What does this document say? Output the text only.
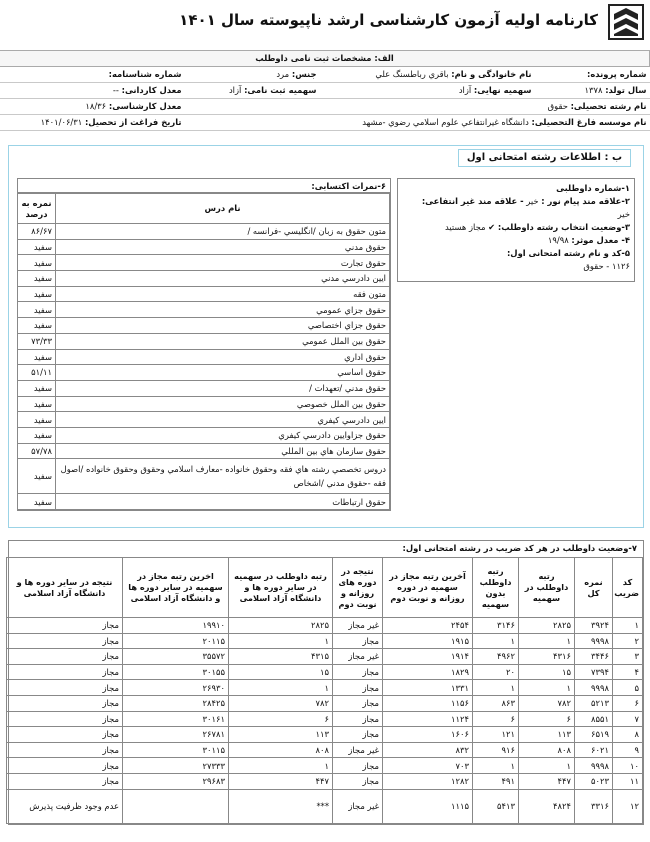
کارنامه اولیه آزمون کارشناسی ارشد ناپیوسته سال ۱۴۰۱
الف: مشخصات ثبت نامی داوطلب			
شماره پرونده:	نام خانوادگی و نام: باقري رباطسنگ علي	جنس: مرد	شماره شناسنامه:
سال تولد: ۱۳۷۸	سهمیه نهایی: آزاد	سهمیه ثبت نامی: آزاد	معدل کاردانی: --
نام رشته تحصیلی: حقوق			معدل کارشناسی: ۱۸/۳۶
نام موسسه فارغ التحصیلی: دانشگاه غيرانتفاعي علوم اسلامي رضوي -مشهد			تاریخ فراغت از تحصیل: ۱۴۰۱/۰۶/۳۱
ب : اطلاعات رشته امتحانی اول
۱-شماره داوطلبی
۲-علاقه مند پیام نور : خیر - علاقه مند غیر انتفاعی:
خیر
۳-وضعیت انتخاب رشته داوطلب: ✔ مجاز هستید
۴- معدل موثر: ۱۹/۹۸
۵-کد و نام رشته امتحانی اول:
۱۱۲۶ - حقوق
۶-نمرات اکتسابی:
نام درس	نمره به درصد
متون حقوق به زبان /انگلیسي -فرانسه /	۸۶/۶۷
حقوق مدني	سفید
حقوق تجارت	سفید
ايين دادرسي مدني	سفید
متون فقه	سفید
حقوق جزاي عمومي	سفید
حقوق جزاي اختصاصي	سفید
حقوق بين الملل عمومي	۷۳/۳۳
حقوق اداري	سفید
حقوق اساسي	۵۱/۱۱
حقوق مدني /تعهدات /	سفید
حقوق بين الملل خصوصي	سفید
ايين دادرسي كيفري	سفید
حقوق جزاوايين دادرسي كيفري	سفید
حقوق سازمان هاي بين المللي	۵۷/۷۸
دروس تخصصي رشته هاي فقه وحقوق خانواده -معارف اسلامي وحقوق وحقوق خانواده /اصول فقه -حقوق مدني /اشخاص	سفید
حقوق ارتباطات	سفید
۷-وضعیت داوطلب در هر کد ضریب در رشته امتحانی اول:
کد ضریب	نمره کل	رتبه داوطلب در سهمیه	رتبه داوطلب بدون سهمیه	آخرین رتبه مجاز در سهمیه در دوره روزانه و نوبت دوم	نتیجه در دوره های روزانه و نوبت دوم	رتبه داوطلب در سهمیه در سایر دوره ها و دانشگاه آزاد اسلامی	اخرین رتبه مجاز در سهمیه در سایر دوره ها و دانشگاه آزاد اسلامی	نتیجه در سایر دوره ها و دانشگاه آزاد اسلامی
۱	۳۹۲۴	۲۸۲۵	۳۱۴۶	۲۴۵۴	غیر مجاز	۲۸۲۵	۱۹۹۱۰	مجاز
۲	۹۹۹۸	۱	۱	۱۹۱۵	مجاز	۱	۲۰۱۱۵	مجاز
۳	۳۴۴۶	۴۳۱۶	۴۹۶۲	۱۹۱۴	غیر مجاز	۴۳۱۵	۳۵۵۷۲	مجاز
۴	۷۳۹۴	۱۵	۲۰	۱۸۲۹	مجاز	۱۵	۳۰۱۵۵	مجاز
۵	۹۹۹۸	۱	۱	۱۳۳۱	مجاز	۱	۲۶۹۳۰	مجاز
۶	۵۲۱۳	۷۸۲	۸۶۳	۱۱۵۶	مجاز	۷۸۲	۲۸۴۲۵	مجاز
۷	۸۵۵۱	۶	۶	۱۱۲۴	مجاز	۶	۳۰۱۶۱	مجاز
۸	۶۵۱۹	۱۱۳	۱۲۱	۱۶۰۶	مجاز	۱۱۳	۲۶۷۸۱	مجاز
۹	۶۰۲۱	۸۰۸	۹۱۶	۸۳۲	غیر مجاز	۸۰۸	۳۰۱۱۵	مجاز
۱۰	۹۹۹۸	۱	۱	۷۰۳	مجاز	۱	۲۷۳۳۳	مجاز
۱۱	۵۰۲۳	۴۴۷	۴۹۱	۱۲۸۲	مجاز	۴۴۷	۲۹۶۸۳	مجاز
۱۲	۳۳۱۶	۴۸۲۴	۵۴۱۳	۱۱۱۵	غیر مجاز	***		عدم وجود ظرفیت پذیرش
